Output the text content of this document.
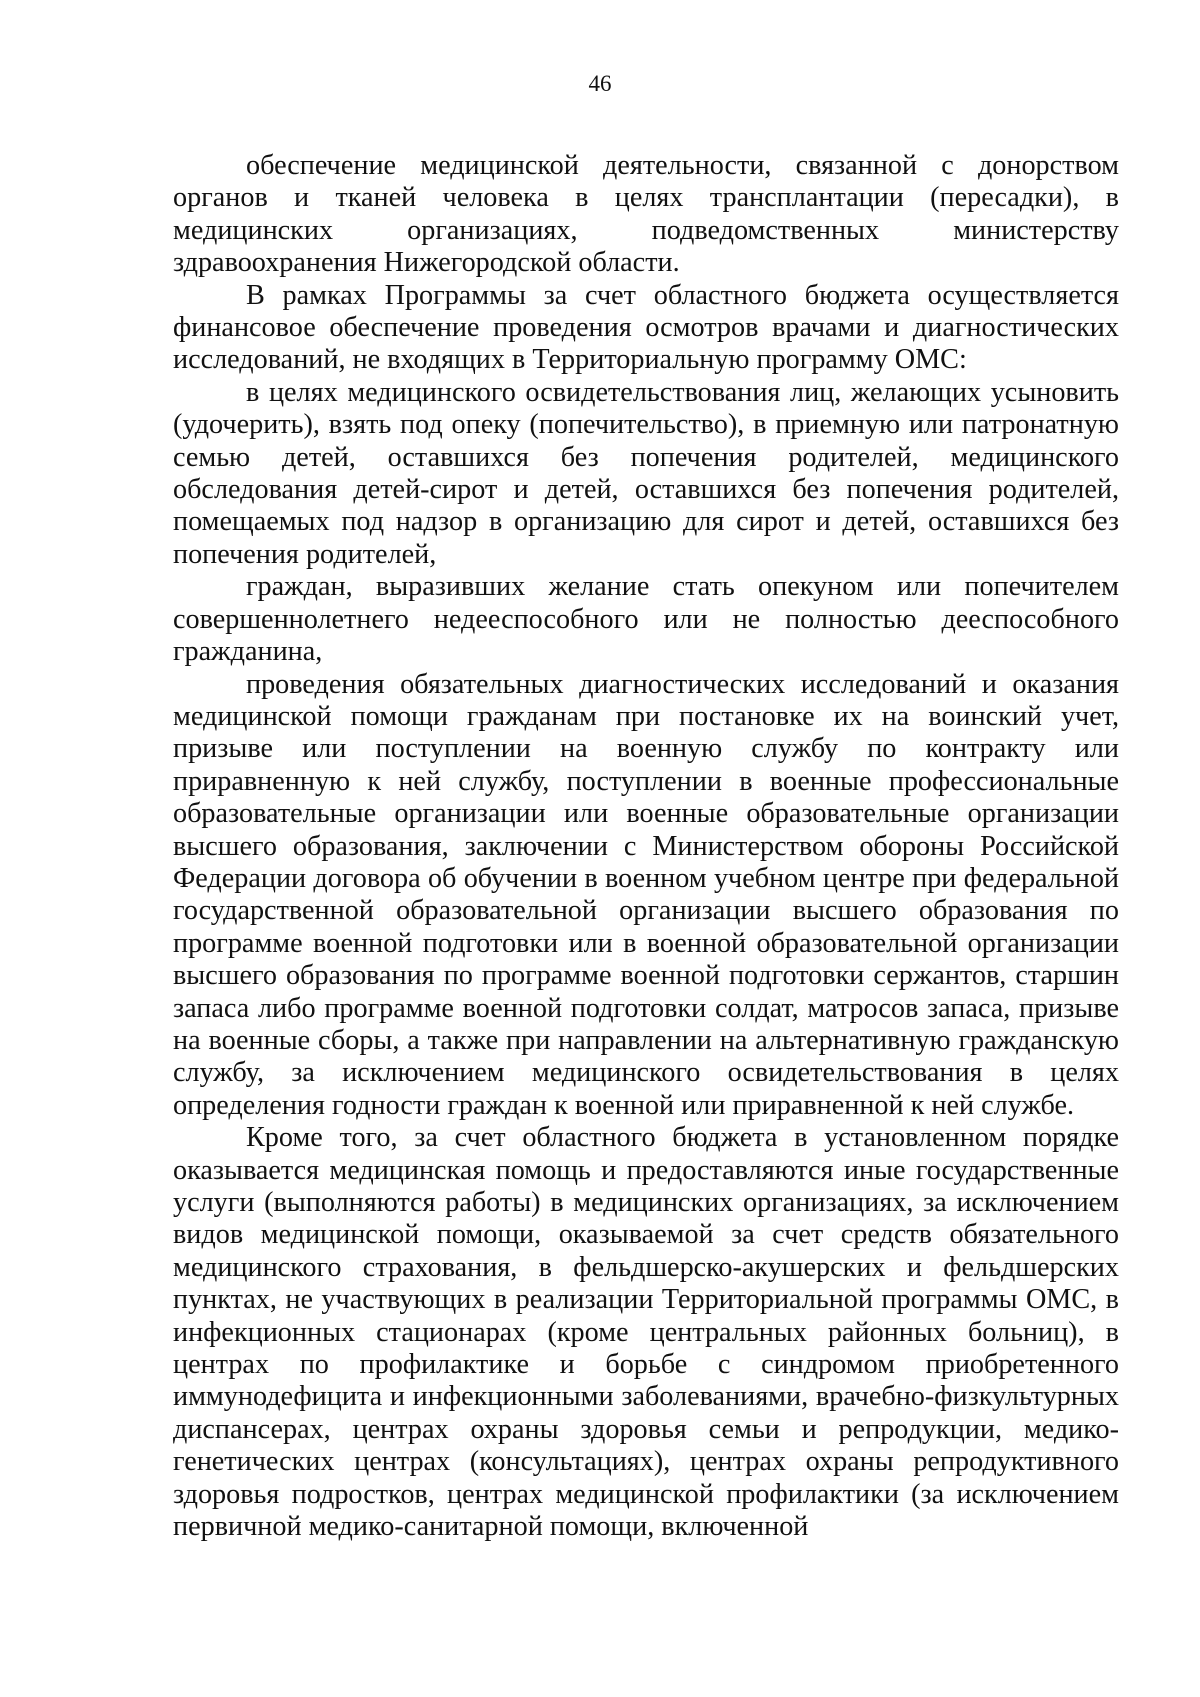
46

обеспечение медицинской деятельности, связанной с донорством органов и тканей человека в целях трансплантации (пересадки), в медицинских организациях, подведомственных министерству здравоохранения Нижегородской области.

В рамках Программы за счет областного бюджета осуществляется финансовое обеспечение проведения осмотров врачами и диагностических исследований, не входящих в Территориальную программу ОМС:

в целях медицинского освидетельствования лиц, желающих усыновить (удочерить), взять под опеку (попечительство), в приемную или патронатную семью детей, оставшихся без попечения родителей, медицинского обследования детей-сирот и детей, оставшихся без попечения родителей, помещаемых под надзор в организацию для сирот и детей, оставшихся без попечения родителей,

граждан, выразивших желание стать опекуном или попечителем совершеннолетнего недееспособного или не полностью дееспособного гражданина,

проведения обязательных диагностических исследований и оказания медицинской помощи гражданам при постановке их на воинский учет, призыве или поступлении на военную службу по контракту или приравненную к ней службу, поступлении в военные профессиональные образовательные организации или военные образовательные организации высшего образования, заключении с Министерством обороны Российской Федерации договора об обучении в военном учебном центре при федеральной государственной образовательной организации высшего образования по программе военной подготовки или в военной образовательной организации высшего образования по программе военной подготовки сержантов, старшин запаса либо программе военной подготовки солдат, матросов запаса, призыве на военные сборы, а также при направлении на альтернативную гражданскую службу, за исключением медицинского освидетельствования в целях определения годности граждан к военной или приравненной к ней службе.

Кроме того, за счет областного бюджета в установленном порядке оказывается медицинская помощь и предоставляются иные государственные услуги (выполняются работы) в медицинских организациях, за исключением видов медицинской помощи, оказываемой за счет средств обязательного медицинского страхования, в фельдшерско-акушерских и фельдшерских пунктах, не участвующих в реализации Территориальной программы ОМС, в инфекционных стационарах (кроме центральных районных больниц), в центрах по профилактике и борьбе с синдромом приобретенного иммунодефицита и инфекционными заболеваниями, врачебно-физкультурных диспансерах, центрах охраны здоровья семьи и репродукции, медико-генетических центрах (консультациях), центрах охраны репродуктивного здоровья подростков, центрах медицинской профилактики (за исключением первичной медико-санитарной помощи, включенной
